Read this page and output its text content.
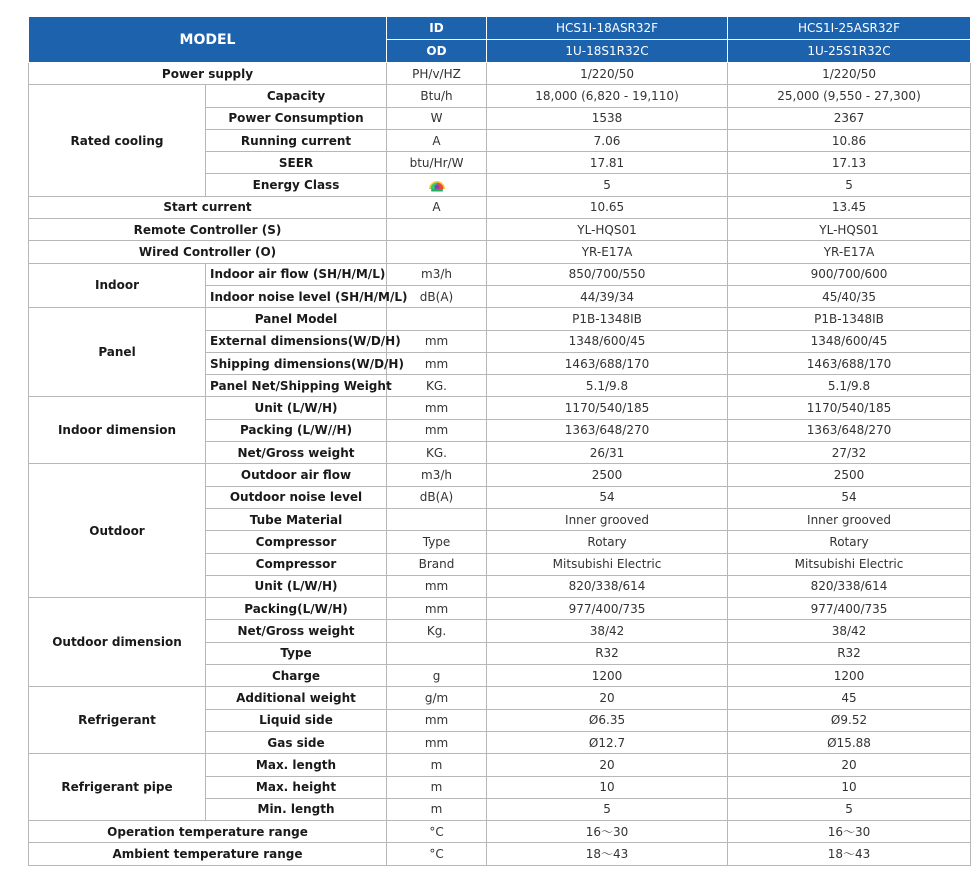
MODEL		ID	HCS1I-18ASR32F	HCS1I-25ASR32F
		OD	1U-18S1R32C	1U-25S1R32C
Power supply		PH/v/HZ	1/220/50	1/220/50
Rated cooling	Capacity	Btu/h	18,000 (6,820 - 19,110)	25,000 (9,550 - 27,300)
	Power Consumption	W	1538	2367
	Running current	A	7.06	10.86
	SEER	btu/Hr/W	17.81	17.13
	Energy Class		5	5
Start current		A	10.65	13.45
Remote Controller (S)			YL-HQS01	YL-HQS01
Wired Controller (O)			YR-E17A	YR-E17A
Indoor	Indoor air flow (SH/H/M/L)	m3/h	850/700/550	900/700/600
	Indoor noise level (SH/H/M/L)	dB(A)	44/39/34	45/40/35
Panel	Panel Model		P1B-1348IB	P1B-1348IB
	External dimensions(W/D/H)	mm	1348/600/45	1348/600/45
	Shipping dimensions(W/D/H)	mm	1463/688/170	1463/688/170
	Panel Net/Shipping Weight	KG.	5.1/9.8	5.1/9.8
Indoor dimension	Unit (L/W/H)	mm	1170/540/185	1170/540/185
	Packing (L/W//H)	mm	1363/648/270	1363/648/270
	Net/Gross weight	KG.	26/31	27/32
Outdoor	Outdoor air flow	m3/h	2500	2500
	Outdoor noise level	dB(A)	54	54
	Tube Material		Inner grooved	Inner grooved
	Compressor	Type	Rotary	Rotary
	Compressor	Brand	Mitsubishi Electric	Mitsubishi Electric
	Unit (L/W/H)	mm	820/338/614	820/338/614
Outdoor dimension	Packing(L/W/H)	mm	977/400/735	977/400/735
	Net/Gross weight	Kg.	38/42	38/42
	Type		R32	R32
	Charge	g	1200	1200
Refrigerant	Additional weight	g/m	20	45
	Liquid side	mm	Ø6.35	Ø9.52
	Gas side	mm	Ø12.7	Ø15.88
Refrigerant pipe	Max. length	m	20	20
	Max. height	m	10	10
	Min. length	m	5	5
Operation temperature range		°C	16～30	16～30
Ambient temperature range		°C	18～43	18～43
